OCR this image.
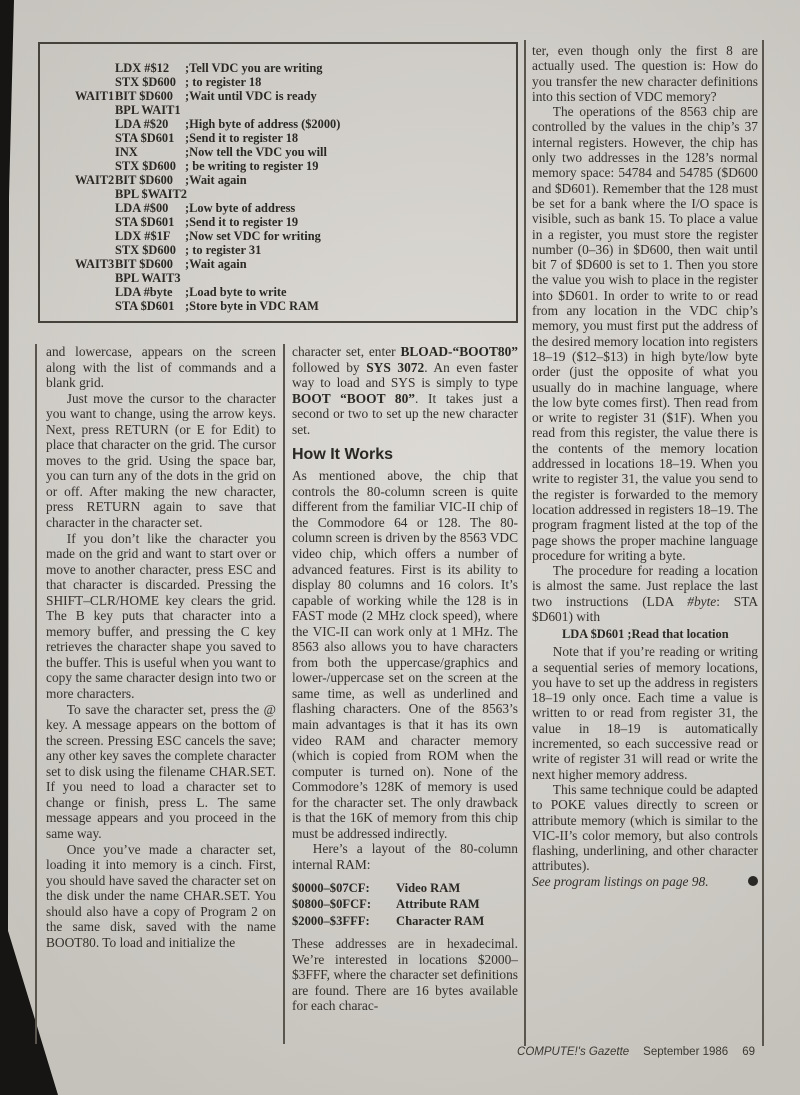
LDX #$12	;Tell VDC you are writing
STX $D600 ; to register 18
WAIT1 BIT $D600 ;Wait until VDC is ready
BPL WAIT1
LDA #$20	;High byte of address ($2000)
STA $D601 ;Send it to register 18
INX	;Now tell the VDC you will
STX $D600 ; be writing to register 19
WAIT2 BIT $D600 ;Wait again
BPL $WAIT2
LDA #$00	;Low byte of address
STA $D601 ;Send it to register 19
LDX #$1F	;Now set VDC for writing
STX $D600 ; to register 31
WAIT3 BIT $D600 ;Wait again
BPL WAIT3
LDA #byte	;Load byte to write
STA $D601 ;Store byte in VDC RAM

and lowercase, appears on the screen along with the list of commands and a blank grid.

Just move the cursor to the character you want to change, using the arrow keys. Next, press RETURN (or E for Edit) to place that character on the grid. The cursor moves to the grid. Using the space bar, you can turn any of the dots in the grid on or off. After making the new character, press RETURN again to save that character in the character set.

If you don’t like the character you made on the grid and want to start over or move to another character, press ESC and that character is discarded. Pressing the SHIFT–CLR/HOME key clears the grid. The B key puts that character into a memory buffer, and pressing the C key retrieves the character shape you saved to the buffer. This is useful when you want to copy the same character design into two or more characters.

To save the character set, press the @ key. A message appears on the bottom of the screen. Pressing ESC cancels the save; any other key saves the complete character set to disk using the filename CHAR.SET. If you need to load a character set to change or finish, press L. The same message appears and you proceed in the same way.

Once you’ve made a character set, loading it into memory is a cinch. First, you should have saved the character set on the disk under the name CHAR.SET. You should also have a copy of Program 2 on the same disk, saved with the name BOOT80. To load and initialize the

character set, enter BLOAD-“BOOT80” followed by SYS 3072. An even faster way to load and SYS is simply to type BOOT “BOOT 80”. It takes just a second or two to set up the new character set.

How It Works

As mentioned above, the chip that controls the 80-column screen is quite different from the familiar VIC-II chip of the Commodore 64 or 128. The 80-column screen is driven by the 8563 VDC video chip, which offers a number of advanced features. First is its ability to display 80 columns and 16 colors. It’s capable of working while the 128 is in FAST mode (2 MHz clock speed), where the VIC-II can work only at 1 MHz. The 8563 also allows you to have characters from both the uppercase/graphics and lower-/uppercase set on the screen at the same time, as well as underlined and flashing characters. One of the 8563’s main advantages is that it has its own video RAM and character memory (which is copied from ROM when the computer is turned on). None of the Commodore’s 128K of memory is used for the character set. The only drawback is that the 16K of memory from this chip must be addressed indirectly.

Here’s a layout of the 80-column internal RAM:

$0000–$07CF:	Video RAM
$0800–$0FCF:	Attribute RAM
$2000–$3FFF:	Character RAM

These addresses are in hexadecimal. We’re interested in locations $2000–$3FFF, where the character set definitions are found. There are 16 bytes available for each charac-

ter, even though only the first 8 are actually used. The question is: How do you transfer the new character definitions into this section of VDC memory?

The operations of the 8563 chip are controlled by the values in the chip’s 37 internal registers. However, the chip has only two addresses in the 128’s normal memory space: 54784 and 54785 ($D600 and $D601). Remember that the 128 must be set for a bank where the I/O space is visible, such as bank 15. To place a value in a register, you must store the register number (0–36) in $D600, then wait until bit 7 of $D600 is set to 1. Then you store the value you wish to place in the register into $D601. In order to write to or read from any location in the VDC chip’s memory, you must first put the address of the desired memory location into registers 18–19 ($12–$13) in high byte/low byte order (just the opposite of what you usually do in machine language, where the low byte comes first). Then read from or write to register 31 ($1F). When you read from this register, the value there is the contents of the memory location addressed in locations 18–19. When you write to register 31, the value you send to the register is forwarded to the memory location addressed in registers 18–19. The program fragment listed at the top of the page shows the proper machine language procedure for writing a byte.

The procedure for reading a location is almost the same. Just replace the last two instructions (LDA #byte: STA $D601) with

LDA $D601 ;Read that location

Note that if you’re reading or writing a sequential series of memory locations, you have to set up the address in registers 18–19 only once. Each time a value is written to or read from register 31, the value in 18–19 is automatically incremented, so each successive read or write of register 31 will read or write the next higher memory address.

This same technique could be adapted to POKE values directly to screen or attribute memory (which is similar to the VIC-II’s color memory, but also controls flashing, underlining, and other character attributes).

See program listings on page 98.

COMPUTE!'s Gazette September 1986 69
